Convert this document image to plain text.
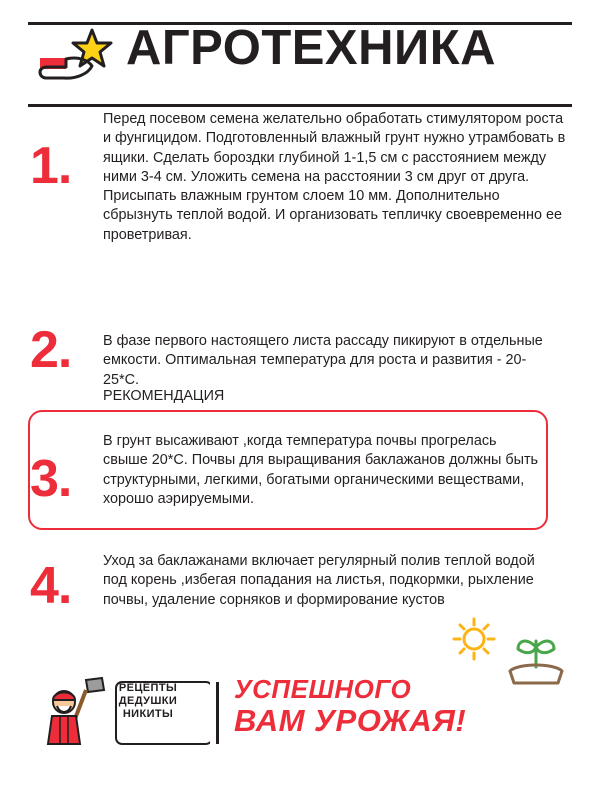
АГРОТЕХНИКА
1.
Перед посевом семена желательно обработать стимулятором роста и фунгицидом. Подготовленный влажный грунт нужно утрамбовать в ящики. Сделать бороздки глубиной 1-1,5 см с расстоянием между ними 3-4 см. Уложить семена на расстоянии 3 см друг от друга. Присыпать влажным грунтом слоем 10 мм. Дополнительно сбрызнуть теплой водой. И организовать тепличку своевременно ее проветривая.
2. В фазе первого настоящего листа рассаду пикируют в отдельные емкости. Оптимальная температура для роста и развития - 20-25*С.
РЕКОМЕНДАЦИЯ
3.
В грунт высаживают ,когда температура почвы прогрелась свыше 20*С. Почвы для выращивания баклажанов должны быть структурными, легкими, богатыми органическими веществами, хорошо аэрируемыми.
4. Уход за баклажанами включает регулярный полив теплой водой под корень ,избегая попадания на листья, подкормки, рыхление почвы, удаление сорняков и формирование кустов
РЕЦЕПТЫ
ДЕДУШКИ
НИКИТЫ
УСПЕШНОГО
ВАМ УРОЖАЯ!
